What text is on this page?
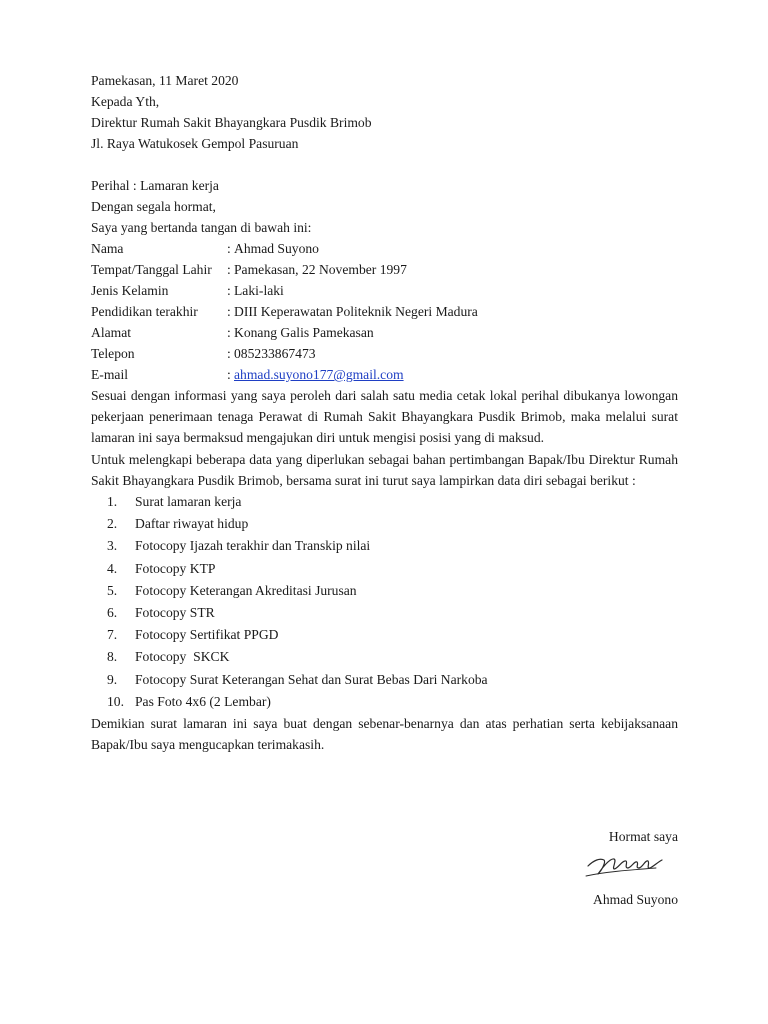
Pamekasan, 11 Maret 2020
Kepada Yth,
Direktur Rumah Sakit Bhayangkara Pusdik Brimob
Jl. Raya Watukosek Gempol Pasuruan
Perihal : Lamaran kerja
Dengan segala hormat,
Saya yang bertanda tangan di bawah ini:
Nama	: Ahmad Suyono
Tempat/Tanggal Lahir	: Pamekasan, 22 November 1997
Jenis Kelamin	: Laki-laki
Pendidikan terakhir	: DIII Keperawatan Politeknik Negeri Madura
Alamat	: Konang Galis Pamekasan
Telepon	: 085233867473
E-mail	: ahmad.suyono177@gmail.com
Sesuai dengan informasi yang saya peroleh dari salah satu media cetak lokal perihal dibukanya lowongan pekerjaan penerimaan tenaga Perawat di Rumah Sakit Bhayangkara Pusdik Brimob, maka melalui surat lamaran ini saya bermaksud mengajukan diri untuk mengisi posisi yang di maksud.
Untuk melengkapi beberapa data yang diperlukan sebagai bahan pertimbangan Bapak/Ibu Direktur Rumah Sakit Bhayangkara Pusdik Brimob, bersama surat ini turut saya lampirkan data diri sebagai berikut :
1.	Surat lamaran kerja
2.	Daftar riwayat hidup
3.	Fotocopy Ijazah terakhir dan Transkip nilai
4.	Fotocopy KTP
5.	Fotocopy Keterangan Akreditasi Jurusan
6.	Fotocopy STR
7.	Fotocopy Sertifikat PPGD
8.	Fotocopy  SKCK
9.	Fotocopy Surat Keterangan Sehat dan Surat Bebas Dari Narkoba
10. Pas Foto 4x6 (2 Lembar)
Demikian surat lamaran ini saya buat dengan sebenar-benarnya dan atas perhatian serta kebijaksanaan Bapak/Ibu saya mengucapkan terimakasih.
Hormat saya
Ahmad Suyono
